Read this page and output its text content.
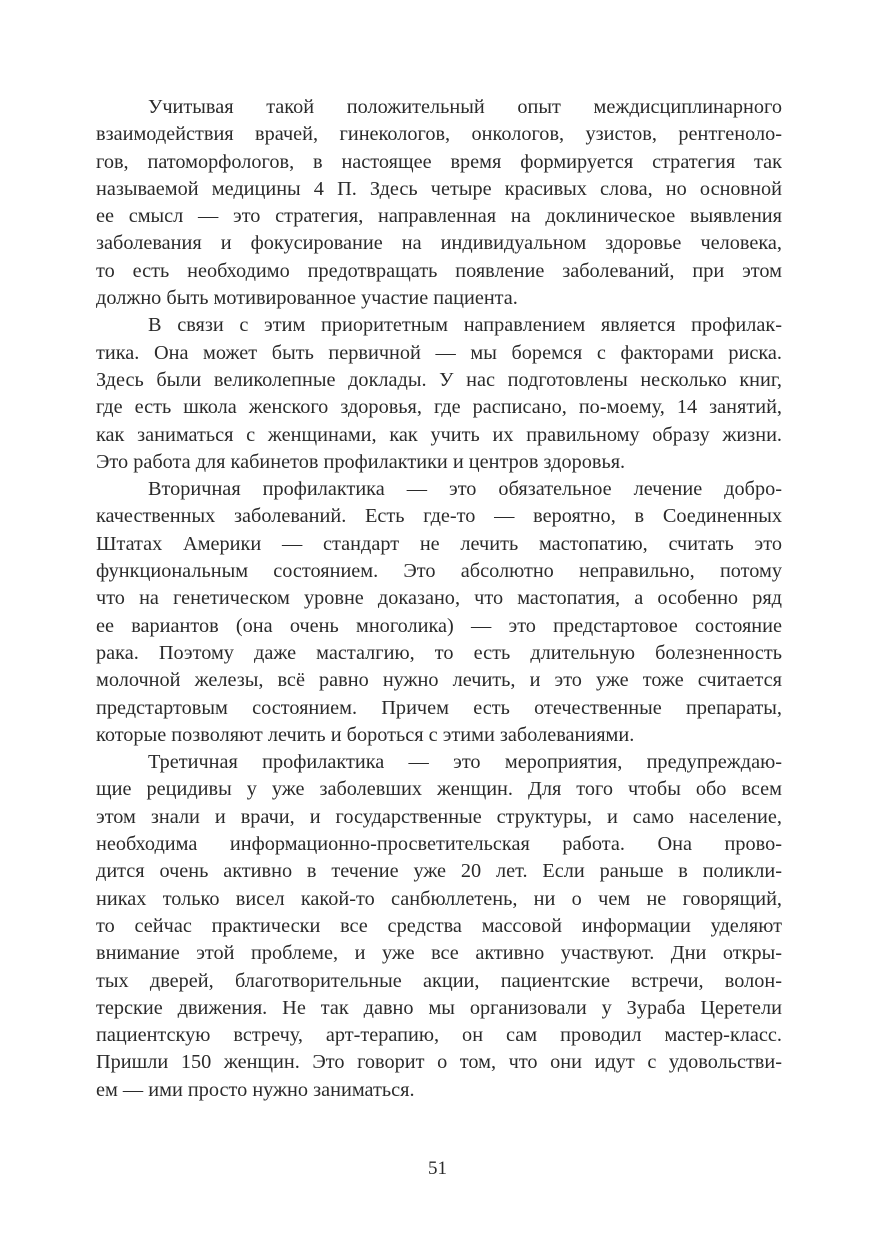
Учитывая такой положительный опыт междисциплинарного
взаимодействия врачей, гинекологов, онкологов, узистов, рентгеноло-
гов, патоморфологов, в настоящее время формируется стратегия так
называемой медицины 4 П. Здесь четыре красивых слова, но основной
ее смысл — это стратегия, направленная на доклиническое выявления
заболевания и фокусирование на индивидуальном здоровье человека,
то есть необходимо предотвращать появление заболеваний, при этом
должно быть мотивированное участие пациента.
В связи с этим приоритетным направлением является профилак-
тика. Она может быть первичной — мы боремся с факторами риска.
Здесь были великолепные доклады. У нас подготовлены несколько книг,
где есть школа женского здоровья, где расписано, по-моему, 14 занятий,
как заниматься с женщинами, как учить их правильному образу жизни.
Это работа для кабинетов профилактики и центров здоровья.
Вторичная профилактика — это обязательное лечение добро-
качественных заболеваний. Есть где-то — вероятно, в Соединенных
Штатах Америки — стандарт не лечить мастопатию, считать это
функциональным состоянием. Это абсолютно неправильно, потому
что на генетическом уровне доказано, что мастопатия, а особенно ряд
ее вариантов (она очень многолика) — это предстартовое состояние
рака. Поэтому даже масталгию, то есть длительную болезненность
молочной железы, всё равно нужно лечить, и это уже тоже считается
предстартовым состоянием. Причем есть отечественные препараты,
которые позволяют лечить и бороться с этими заболеваниями.
Третичная профилактика — это мероприятия, предупреждаю-
щие рецидивы у уже заболевших женщин. Для того чтобы обо всем
этом знали и врачи, и государственные структуры, и само население,
необходима информационно-просветительская работа. Она прово-
дится очень активно в течение уже 20 лет. Если раньше в поликли-
никах только висел какой-то санбюллетень, ни о чем не говорящий,
то сейчас практически все средства массовой информации уделяют
внимание этой проблеме, и уже все активно участвуют. Дни откры-
тых дверей, благотворительные акции, пациентские встречи, волон-
терские движения. Не так давно мы организовали у Зураба Церетели
пациентскую встречу, арт-терапию, он сам проводил мастер-класс.
Пришли 150 женщин. Это говорит о том, что они идут с удовольстви-
ем — ими просто нужно заниматься.
51
